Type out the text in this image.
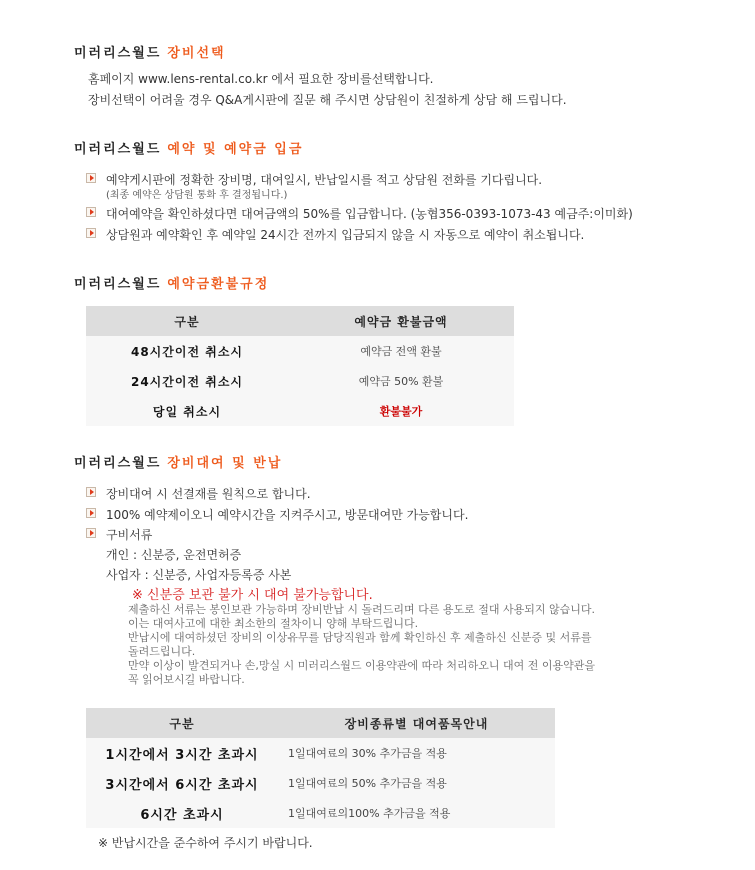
미러리스월드 장비선택
홈페이지 www.lens-rental.co.kr 에서 필요한 장비를선택합니다.
장비선택이 어려울 경우 Q&A게시판에 질문 해 주시면 상담원이 친절하게 상담 해 드립니다.
미러리스월드 예약 및 예약금 입금
예약게시판에 정확한 장비명, 대여일시, 반납일시를 적고 상담원 전화를 기다립니다.
(최종 예약은 상담원 통화 후 결정됩니다.)
대여예약을 확인하셨다면 대여금액의 50%를 입금합니다. (농협356-0393-1073-43 예금주:이미화)
상담원과 예약확인 후 예약일 24시간 전까지 입금되지 않을 시 자동으로 예약이 취소됩니다.
미러리스월드 예약금환불규정
구분	예약금 환불금액
48시간이전 취소시	예약금 전액 환불
24시간이전 취소시	예약금 50% 환불
당일 취소시	환불불가
미러리스월드 장비대여 및 반납
장비대여 시 선결재를 원칙으로 합니다.
100% 예약제이오니 예약시간을 지켜주시고, 방문대여만 가능합니다.
구비서류
개인 : 신분증, 운전면허증
사업자 : 신분증, 사업자등록증 사본
※ 신분증 보관 불가 시 대여 불가능합니다.
제출하신 서류는 봉인보관 가능하며 장비반납 시 돌려드리며 다른 용도로 절대 사용되지 않습니다.
이는 대여사고에 대한 최소한의 절차이니 양해 부탁드립니다.
반납시에 대여하셨던 장비의 이상유무를 담당직원과 함께 확인하신 후 제출하신 신분증 및 서류를
돌려드립니다.
만약 이상이 발견되거나 손,망실 시 미러리스월드 이용약관에 따라 처리하오니 대여 전 이용약관을
꼭 읽어보시길 바랍니다.
구분	장비종류별 대여품목안내
1시간에서 3시간 초과시	1일대여료의 30% 추가금을 적용
3시간에서 6시간 초과시	1일대여료의 50% 추가금을 적용
6시간 초과시	1일대여료의100% 추가금을 적용
※ 반납시간을 준수하여 주시기 바랍니다.
